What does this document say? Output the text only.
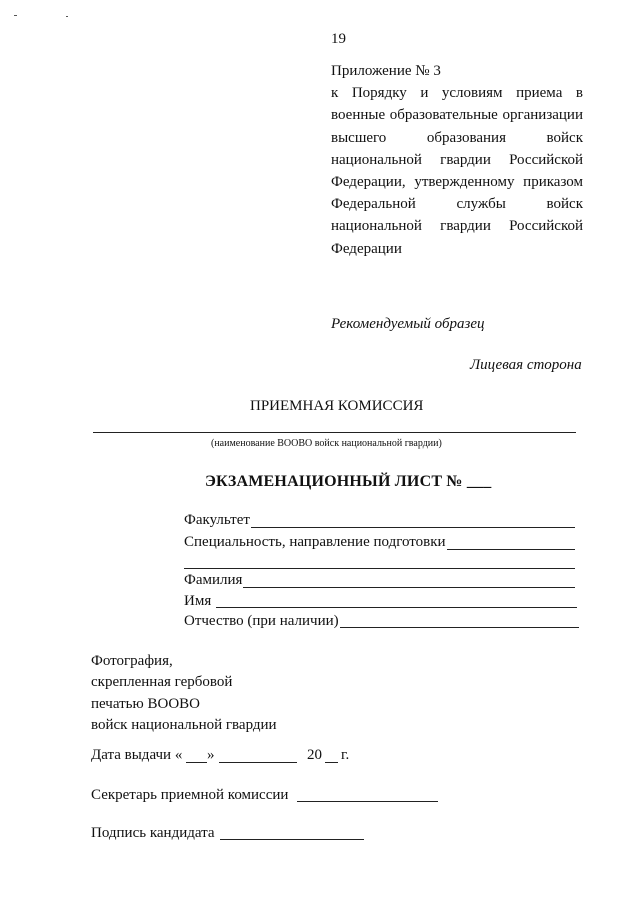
19
Приложение № 3
к Порядку и условиям приема в
военные образовательные организации
высшего образования войск
национальной гвардии Российской
Федерации, утвержденному приказом
Федеральной службы войск
национальной гвардии Российской
Федерации
Рекомендуемый образец
Лицевая сторона
ПРИЕМНАЯ КОМИССИЯ
(наименование ВООВО войск национальной гвардии)
ЭКЗАМЕНАЦИОННЫЙ ЛИСТ № ___
Факультет
Специальность, направление подготовки
Фамилия
Имя
Отчество (при наличии)
Фотография,
скрепленная гербовой
печатью ВООВО
войск национальной гвардии
Дата выдачи « »	20 г.
Секретарь приемной комиссии
Подпись кандидата
